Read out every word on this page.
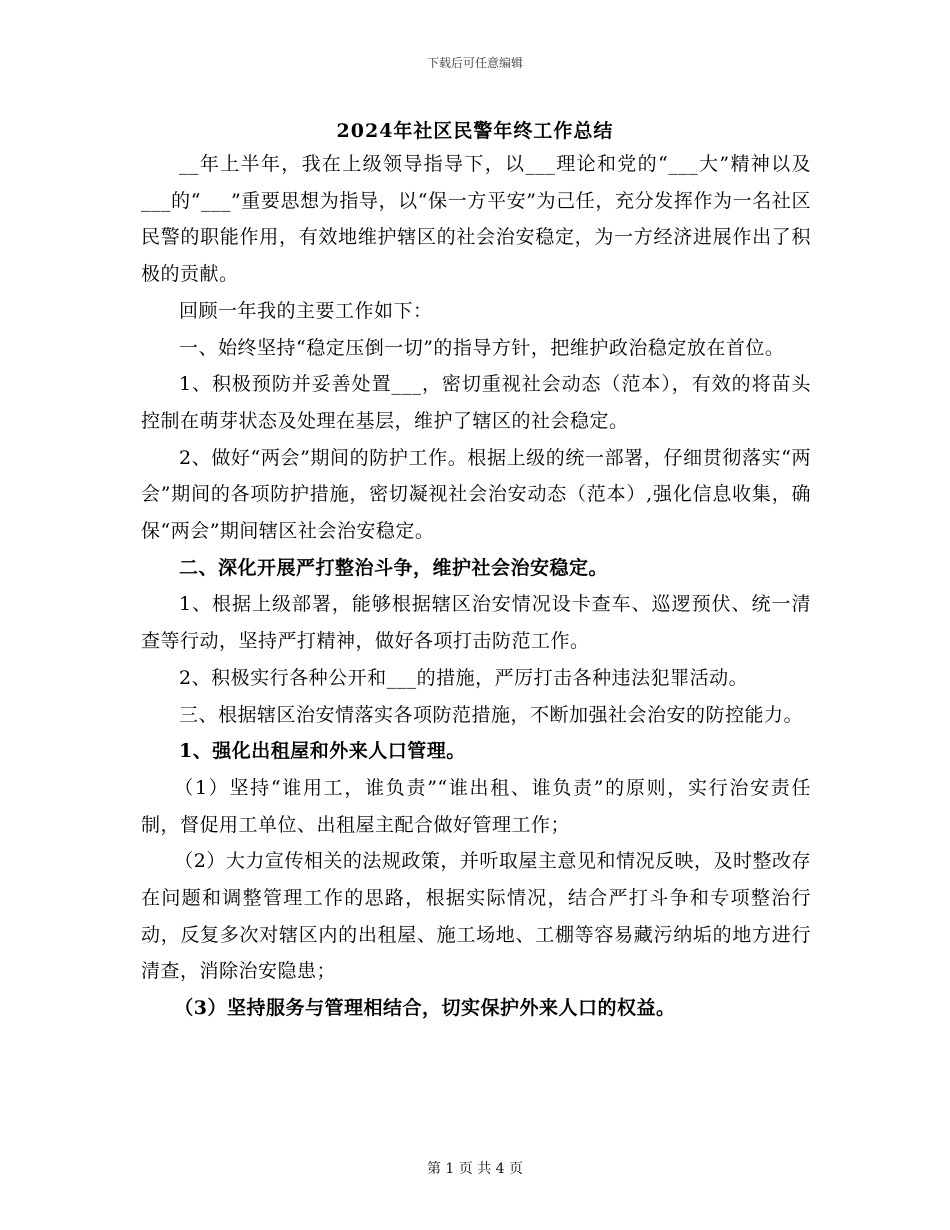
下载后可任意编辑
2024年社区民警年终工作总结

__年上半年，我在上级领导指导下，以___理论和党的“___大”精神以及___的“___”重要思想为指导，以“保一方平安”为己任，充分发挥作为一名社区民警的职能作用，有效地维护辖区的社会治安稳定，为一方经济进展作出了积极的贡献。

回顾一年我的主要工作如下：

一、始终坚持“稳定压倒一切”的指导方针，把维护政治稳定放在首位。

1、积极预防并妥善处置___，密切重视社会动态（范本），有效的将苗头控制在萌芽状态及处理在基层，维护了辖区的社会稳定。

2、做好“两会”期间的防护工作。根据上级的统一部署，仔细贯彻落实“两会”期间的各项防护措施，密切凝视社会治安动态（范本）,强化信息收集，确保“两会”期间辖区社会治安稳定。

二、深化开展严打整治斗争，维护社会治安稳定。

1、根据上级部署，能够根据辖区治安情况设卡查车、巡逻预伏、统一清查等行动，坚持严打精神，做好各项打击防范工作。

2、积极实行各种公开和___的措施，严厉打击各种违法犯罪活动。

三、根据辖区治安情落实各项防范措施，不断加强社会治安的防控能力。

1、强化出租屋和外来人口管理。

（1）坚持“谁用工，谁负责”“谁出租、谁负责”的原则，实行治安责任制，督促用工单位、出租屋主配合做好管理工作；

（2）大力宣传相关的法规政策，并听取屋主意见和情况反映，及时整改存在问题和调整管理工作的思路，根据实际情况，结合严打斗争和专项整治行动，反复多次对辖区内的出租屋、施工场地、工棚等容易藏污纳垢的地方进行清查，消除治安隐患；

（3）坚持服务与管理相结合，切实保护外来人口的权益。

第 1 页 共 4 页
